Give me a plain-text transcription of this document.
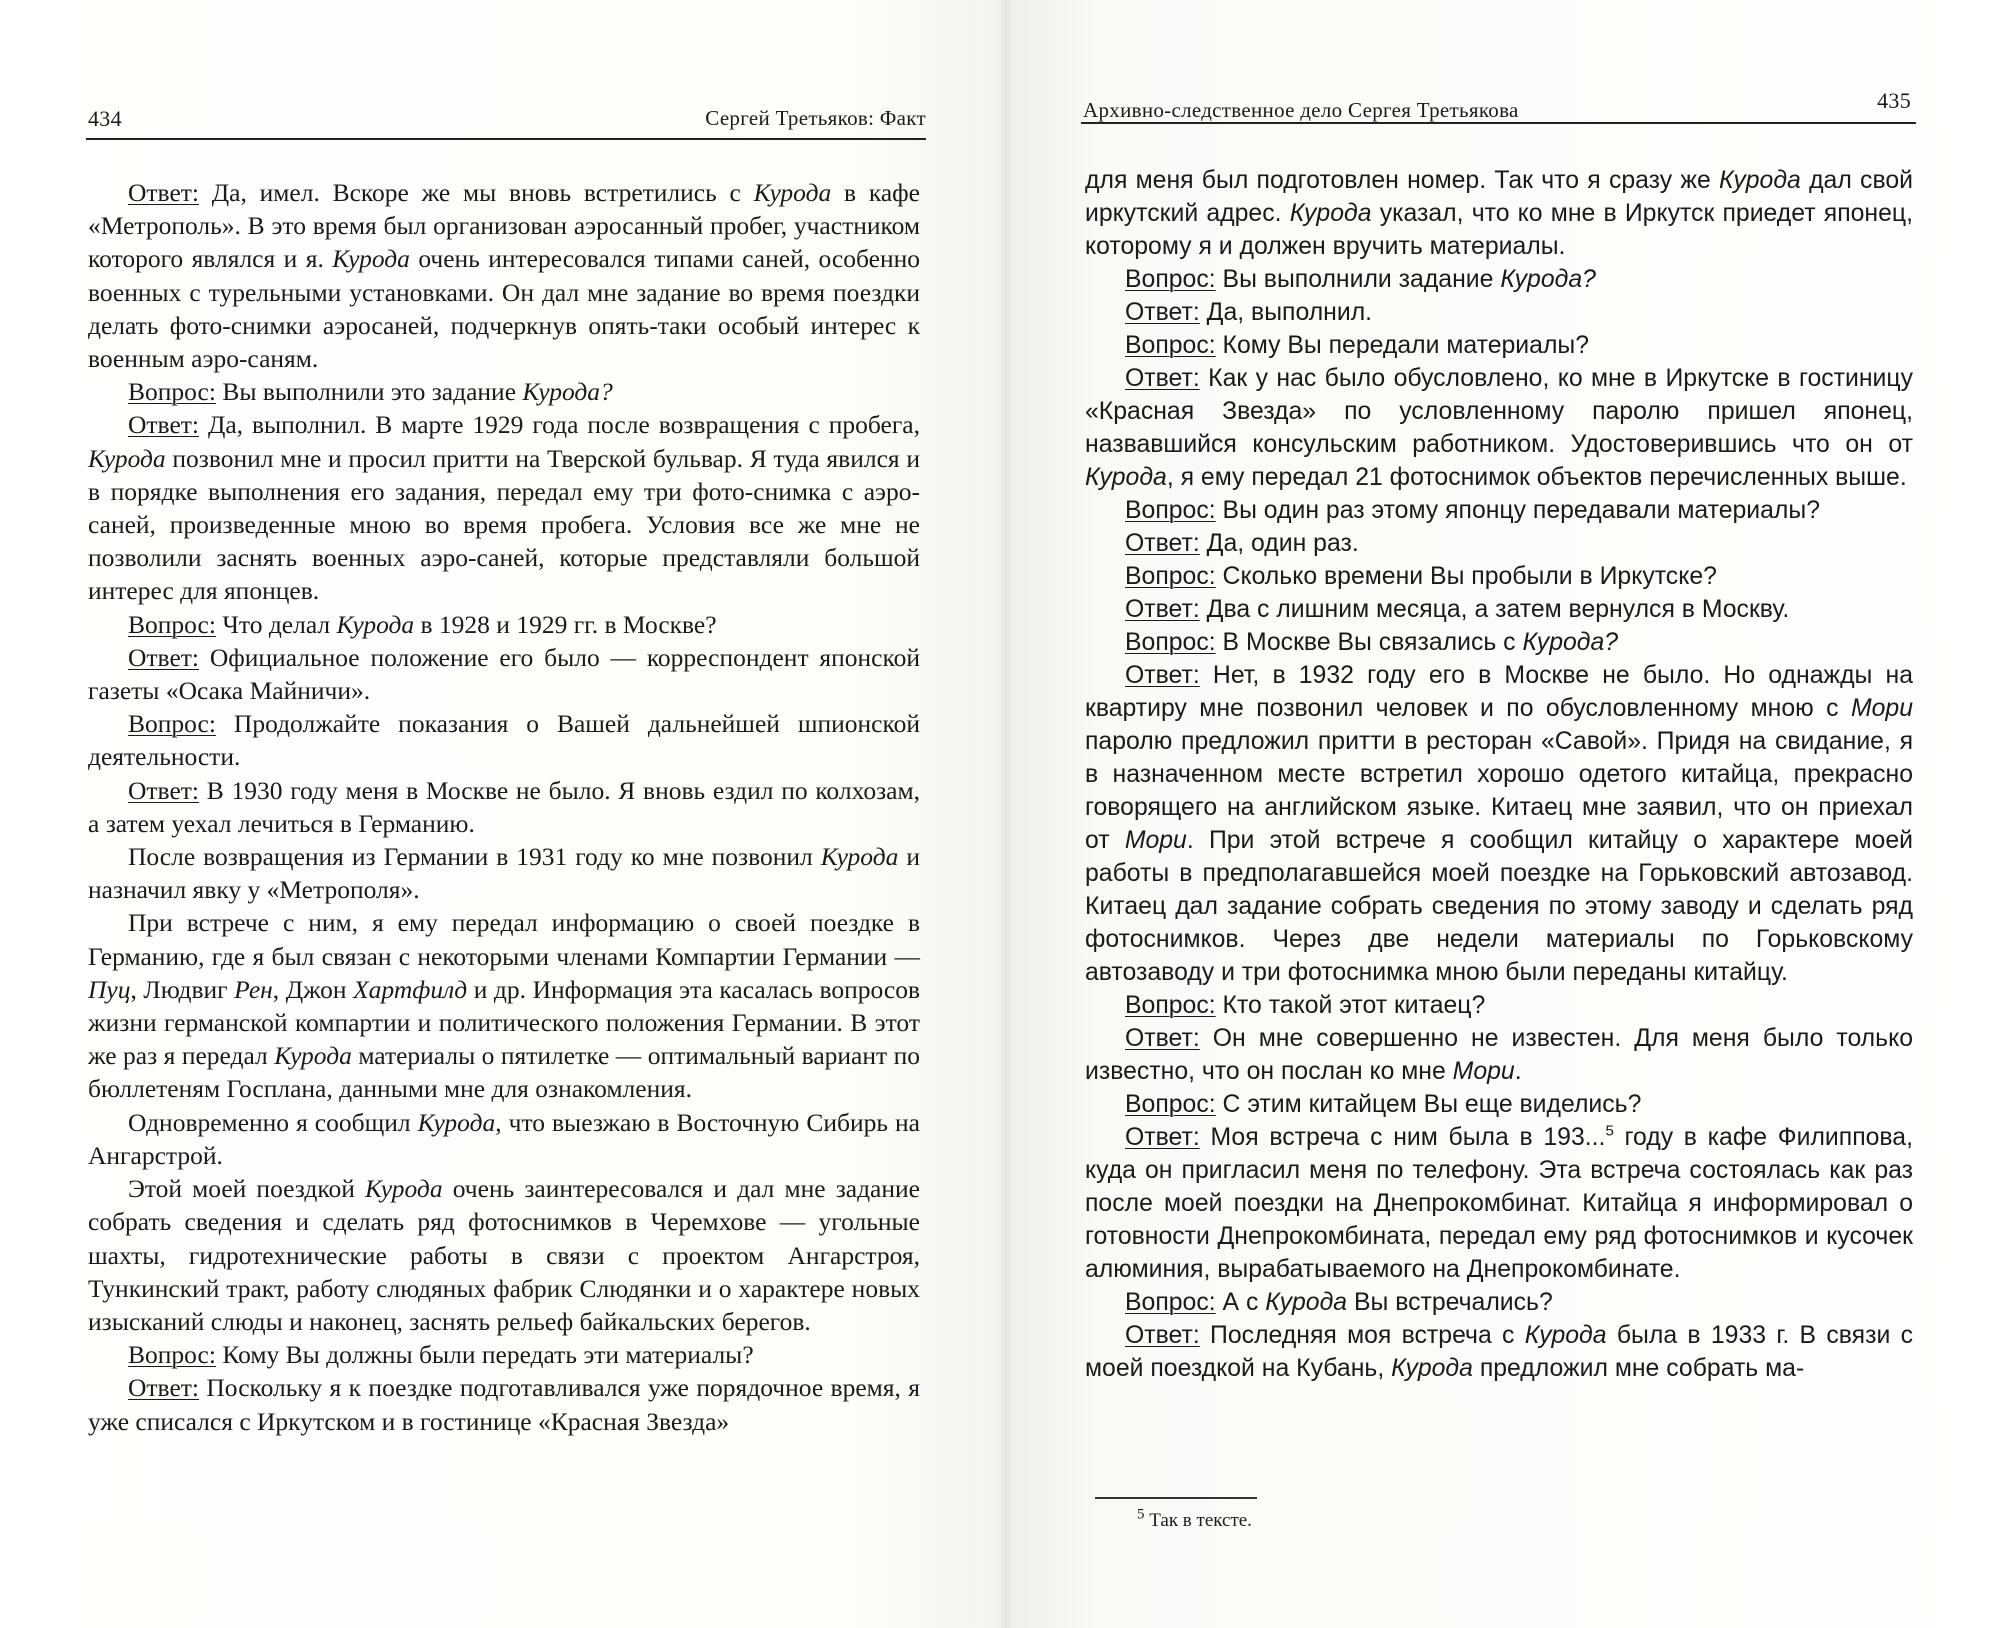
434	Сергей Третьяков: Факт

Ответ: Да, имел. Вскоре же мы вновь встретились с Курода в кафе «Метрополь». В это время был организован аэросанный пробег, участником которого являлся и я. Курода очень интересовался типами саней, особенно военных с турельными установками. Он дал мне задание во время поездки делать фото-снимки аэросаней, подчеркнув опять-таки особый интерес к военным аэро-саням.

Вопрос: Вы выполнили это задание Курода?

Ответ: Да, выполнил. В марте 1929 года после возвращения с пробега, Курода позвонил мне и просил притти на Тверской бульвар. Я туда явился и в порядке выполнения его задания, передал ему три фото-снимка с аэро-саней, произведенные мною во время пробега. Условия все же мне не позволили заснять военных аэро-саней, которые представляли большой интерес для японцев.

Вопрос: Что делал Курода в 1928 и 1929 гг. в Москве?

Ответ: Официальное положение его было — корреспондент японской газеты «Осака Майничи».

Вопрос: Продолжайте показания о Вашей дальнейшей шпионской деятельности.

Ответ: В 1930 году меня в Москве не было. Я вновь ездил по колхозам, а затем уехал лечиться в Германию.

После возвращения из Германии в 1931 году ко мне позвонил Курода и назначил явку у «Метрополя».

При встрече с ним, я ему передал информацию о своей поездке в Германию, где я был связан с некоторыми членами Компартии Германии — Пуц, Людвиг Рен, Джон Хартфилд и др. Информация эта касалась вопросов жизни германской компартии и политического положения Германии. В этот же раз я передал Курода материалы о пятилетке — оптимальный вариант по бюллетеням Госплана, данными мне для ознакомления.

Одновременно я сообщил Курода, что выезжаю в Восточную Сибирь на Ангарстрой.

Этой моей поездкой Курода очень заинтересовался и дал мне задание собрать сведения и сделать ряд фотоснимков в Черемхове — угольные шахты, гидротехнические работы в связи с проектом Ангарстроя, Тункинский тракт, работу слюдяных фабрик Слюдянки и о характере новых изысканий слюды и наконец, заснять рельеф байкальских берегов.

Вопрос: Кому Вы должны были передать эти материалы?

Ответ: Поскольку я к поездке подготавливался уже порядочное время, я уже списался с Иркутском и в гостинице «Красная Звезда»

Архивно-следственное дело Сергея Третьякова	435

для меня был подготовлен номер. Так что я сразу же Курода дал свой иркутский адрес. Курода указал, что ко мне в Иркутск приедет японец, которому я и должен вручить материалы.

Вопрос: Вы выполнили задание Курода?

Ответ: Да, выполнил.

Вопрос: Кому Вы передали материалы?

Ответ: Как у нас было обусловлено, ко мне в Иркутске в гостиницу «Красная Звезда» по условленному паролю пришел японец, назвавшийся консульским работником. Удостоверившись что он от Курода, я ему передал 21 фотоснимок объектов перечисленных выше.

Вопрос: Вы один раз этому японцу передавали материалы?

Ответ: Да, один раз.

Вопрос: Сколько времени Вы пробыли в Иркутске?

Ответ: Два с лишним месяца, а затем вернулся в Москву.

Вопрос: В Москве Вы связались с Курода?

Ответ: Нет, в 1932 году его в Москве не было. Но однажды на квартиру мне позвонил человек и по обусловленному мною с Мори паролю предложил притти в ресторан «Савой». Придя на свидание, я в назначенном месте встретил хорошо одетого китайца, прекрасно говорящего на английском языке. Китаец мне заявил, что он приехал от Мори. При этой встрече я сообщил китайцу о характере моей работы в предполагавшейся моей поездке на Горьковский автозавод. Китаец дал задание собрать сведения по этому заводу и сделать ряд фотоснимков. Через две недели материалы по Горьковскому автозаводу и три фотоснимка мною были переданы китайцу.

Вопрос: Кто такой этот китаец?

Ответ: Он мне совершенно не известен. Для меня было только известно, что он послан ко мне Мори.

Вопрос: С этим китайцем Вы еще виделись?

Ответ: Моя встреча с ним была в 193...$^5$ году в кафе Филиппова, куда он пригласил меня по телефону. Эта встреча состоялась как раз после моей поездки на Днепрокомбинат. Китайца я информировал о готовности Днепрокомбината, передал ему ряд фотоснимков и кусочек алюминия, вырабатываемого на Днепрокомбинате.

Вопрос: А с Курода Вы встречались?

Ответ: Последняя моя встреча с Курода была в 1933 г. В связи с моей поездкой на Кубань, Курода предложил мне собрать ма-

$^5$ Так в тексте.
